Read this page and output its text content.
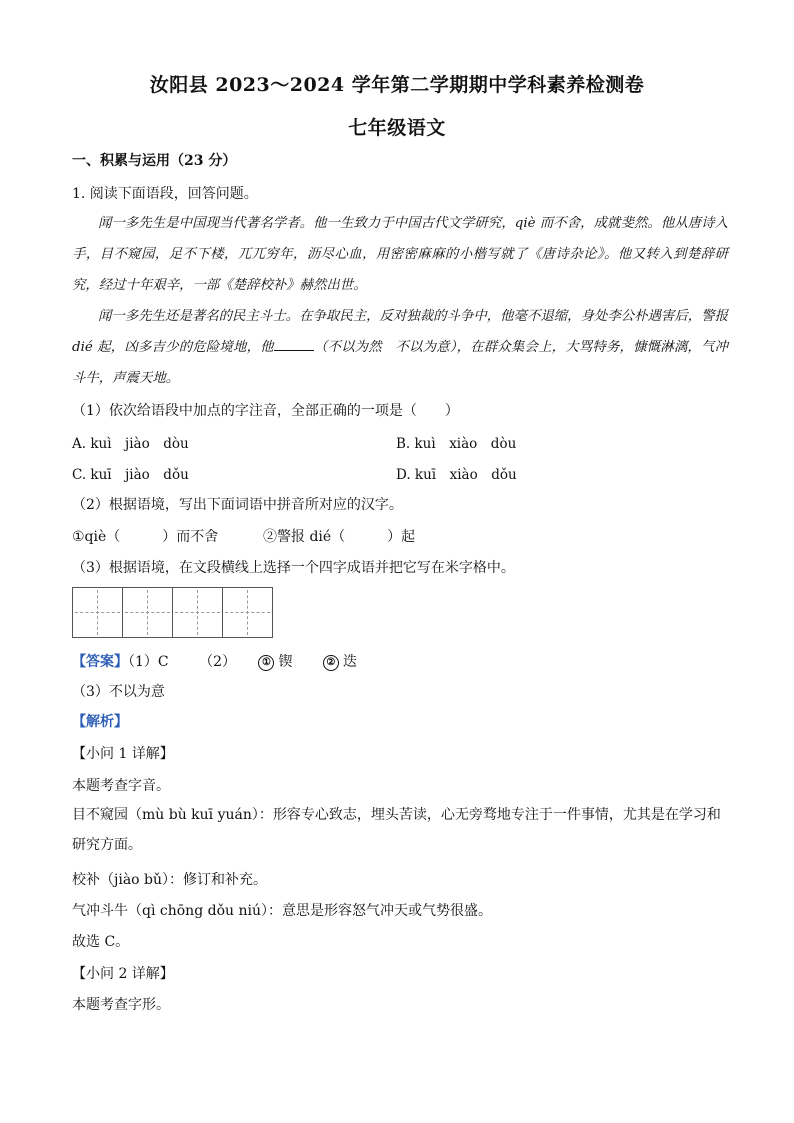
汝阳县 2023～2024 学年第二学期期中学科素养检测卷
七年级语文
一、积累与运用（23 分）
1. 阅读下面语段，回答问题。
闻一多先生是中国现当代著名学者。他一生致力于中国古代文学研究，qiè 而不舍，成就斐然。他从唐诗入手，目不窥园，足不下楼，兀兀穷年，沥尽心血，用密密麻麻的小楷写就了《唐诗杂论》。他又转入到楚辞研究，经过十年艰辛，一部《楚辞校补》赫然出世。
闻一多先生还是著名的民主斗士。在争取民主，反对独裁的斗争中，他毫不退缩，身处李公朴遇害后，警报 dié 起，凶多吉少的危险境地，他	（不以为然　不以为意），在群众集会上，大骂特务，慷慨淋漓，气冲斗牛，声震天地。
（1）依次给语段中加点的字注音，全部正确的一项是（　　）
A. kuì　jiào　dòu	B. kuì　xiào　dòu
C. kuī　jiào　dǒu	D. kuī　xiào　dǒu
（2）根据语境，写出下面词语中拼音所对应的汉字。
①qiè（　　　）而不舍	②警报 dié（　　　）起
（3）根据语境，在文段横线上选择一个四字成语并把它写在米字格中。
【答案】（1）C （2）	① 锲	② 迭
（3）不以为意
【解析】
【小问 1 详解】
本题考查字音。
目不窥园（mù bù kuī yuán）：形容专心致志，埋头苦读，心无旁骛地专注于一件事情，尤其是在学习和研究方面。
校补（jiào bǔ）：修订和补充。
气冲斗牛（qì chōng dǒu niú）：意思是形容怒气冲天或气势很盛。
故选 C。
【小问 2 详解】
本题考查字形。
